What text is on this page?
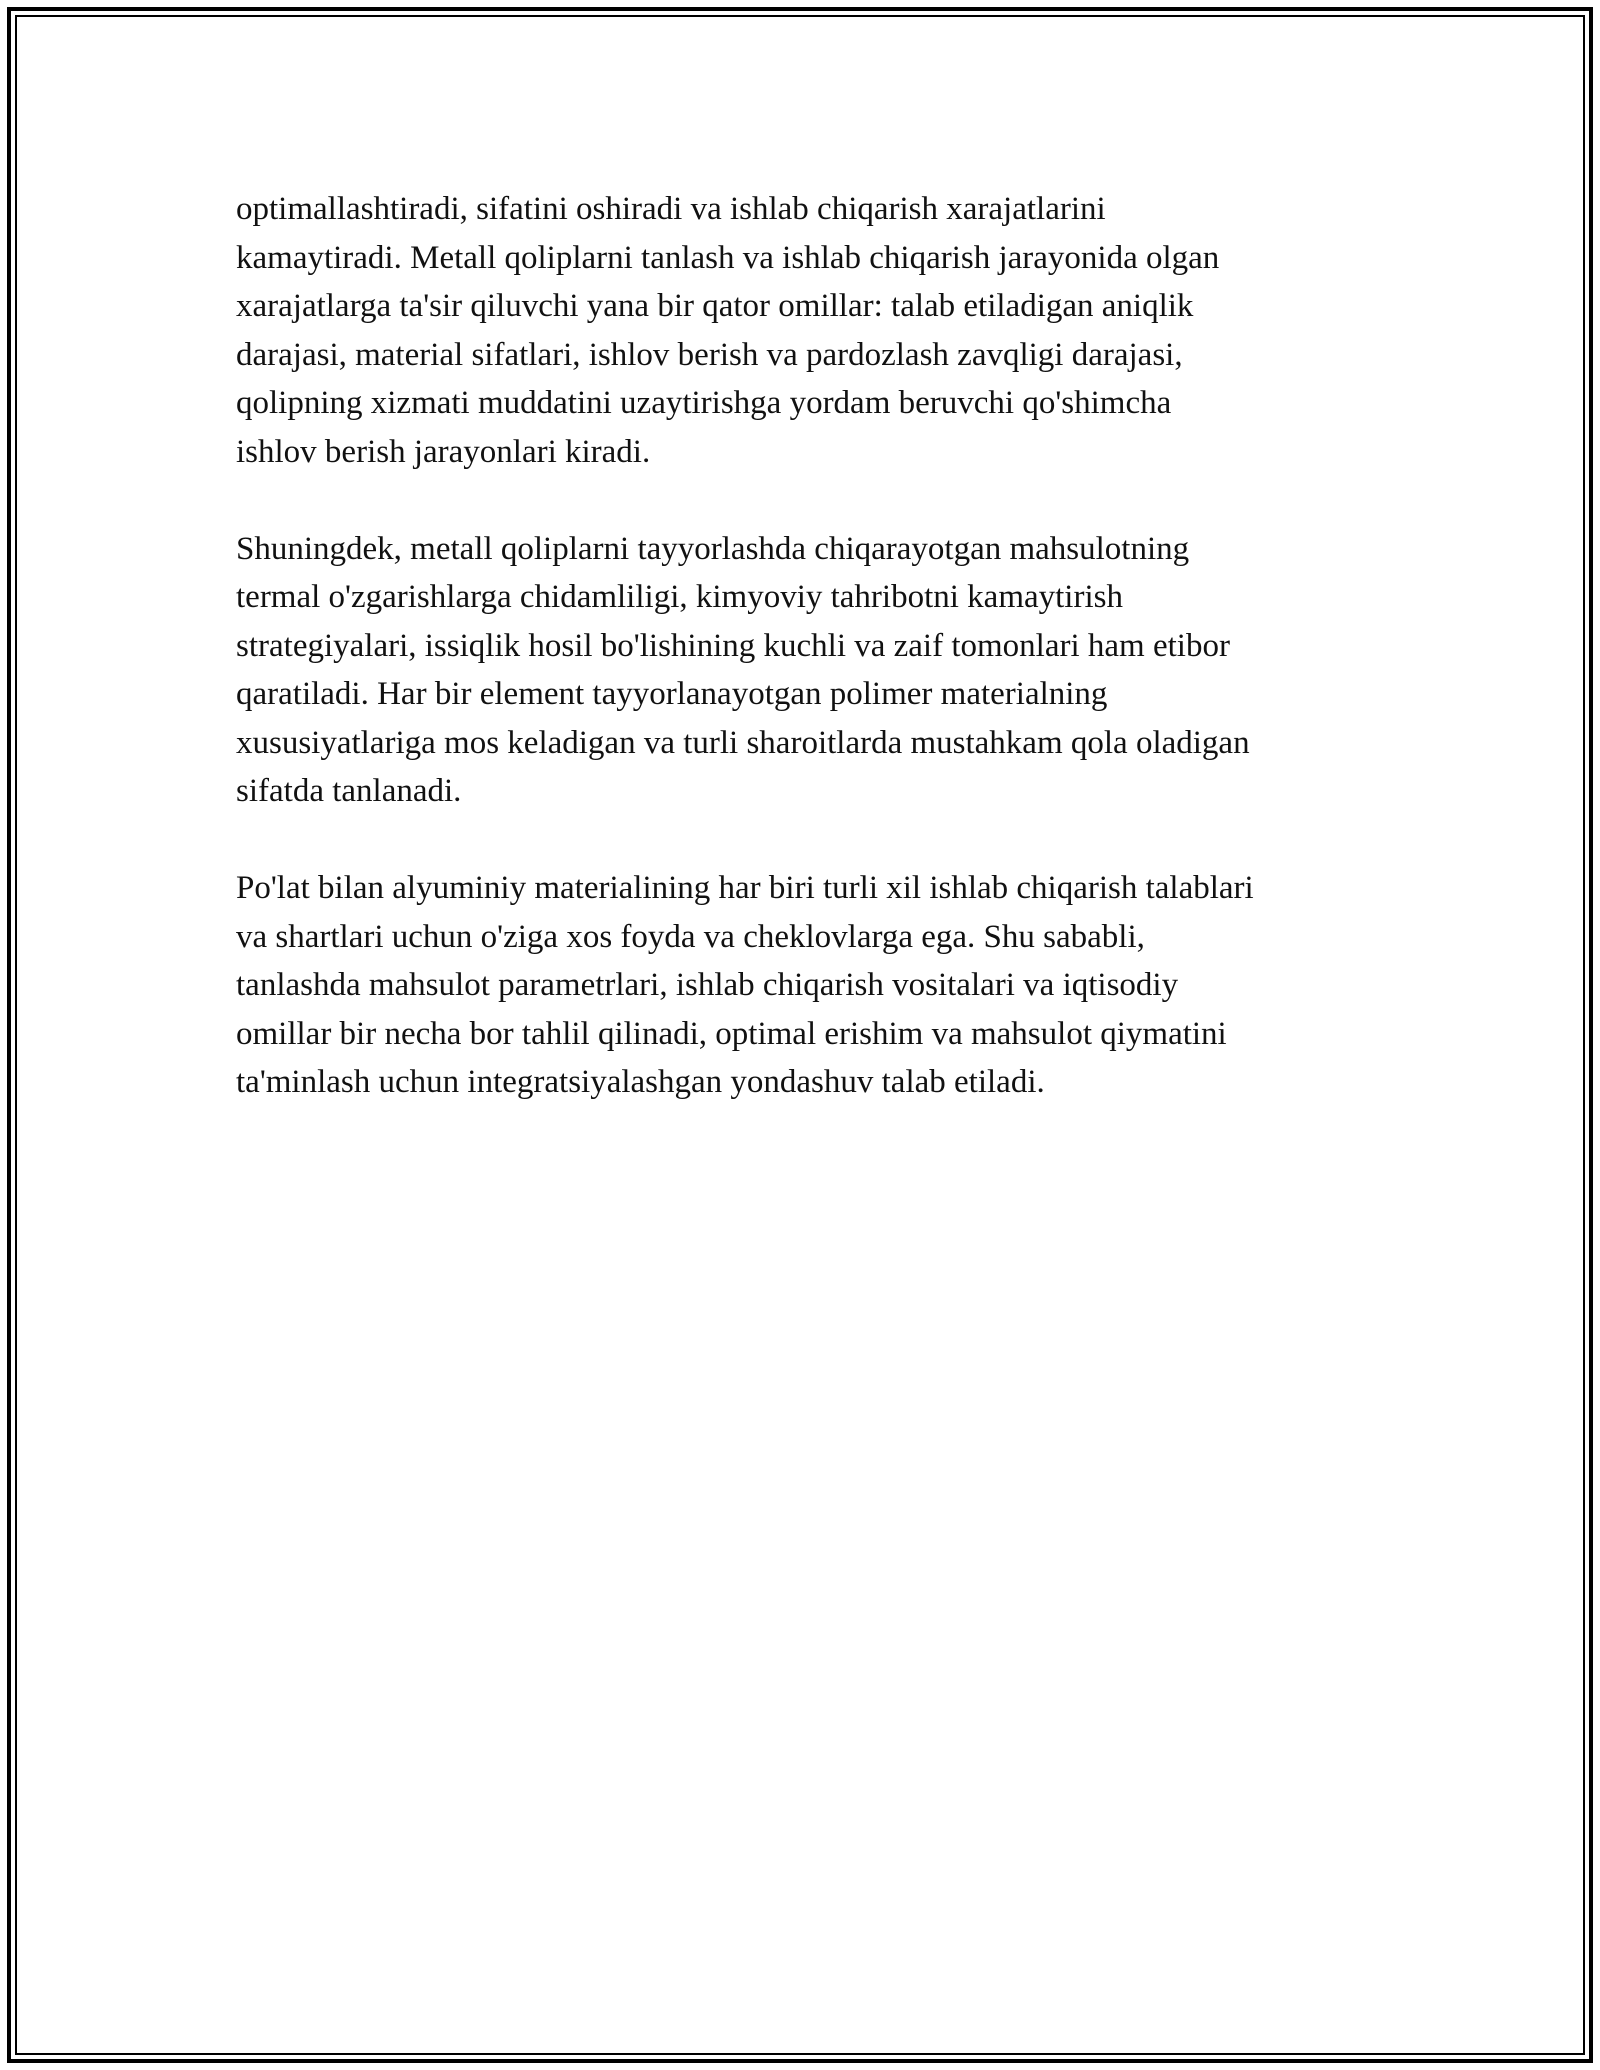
optimallashtiradi, sifatini oshiradi va ishlab chiqarish xarajatlarini
kamaytiradi. Metall qoliplarni tanlash va ishlab chiqarish jarayonida olgan
xarajatlarga ta'sir qiluvchi yana bir qator omillar: talab etiladigan aniqlik
darajasi, material sifatlari, ishlov berish va pardozlash zavqligi darajasi,
qolipning xizmati muddatini uzaytirishga yordam beruvchi qo'shimcha
ishlov berish jarayonlari kiradi.

Shuningdek, metall qoliplarni tayyorlashda chiqarayotgan mahsulotning
termal o'zgarishlarga chidamliligi, kimyoviy tahribotni kamaytirish
strategiyalari, issiqlik hosil bo'lishining kuchli va zaif tomonlari ham etibor
qaratiladi. Har bir element tayyorlanayotgan polimer materialning
xususiyatlariga mos keladigan va turli sharoitlarda mustahkam qola oladigan
sifatda tanlanadi.

Po'lat bilan alyuminiy materialining har biri turli xil ishlab chiqarish talablari
va shartlari uchun o'ziga xos foyda va cheklovlarga ega. Shu sababli,
tanlashda mahsulot parametrlari, ishlab chiqarish vositalari va iqtisodiy
omillar bir necha bor tahlil qilinadi, optimal erishim va mahsulot qiymatini
ta'minlash uchun integratsiyalashgan yondashuv talab etiladi.
